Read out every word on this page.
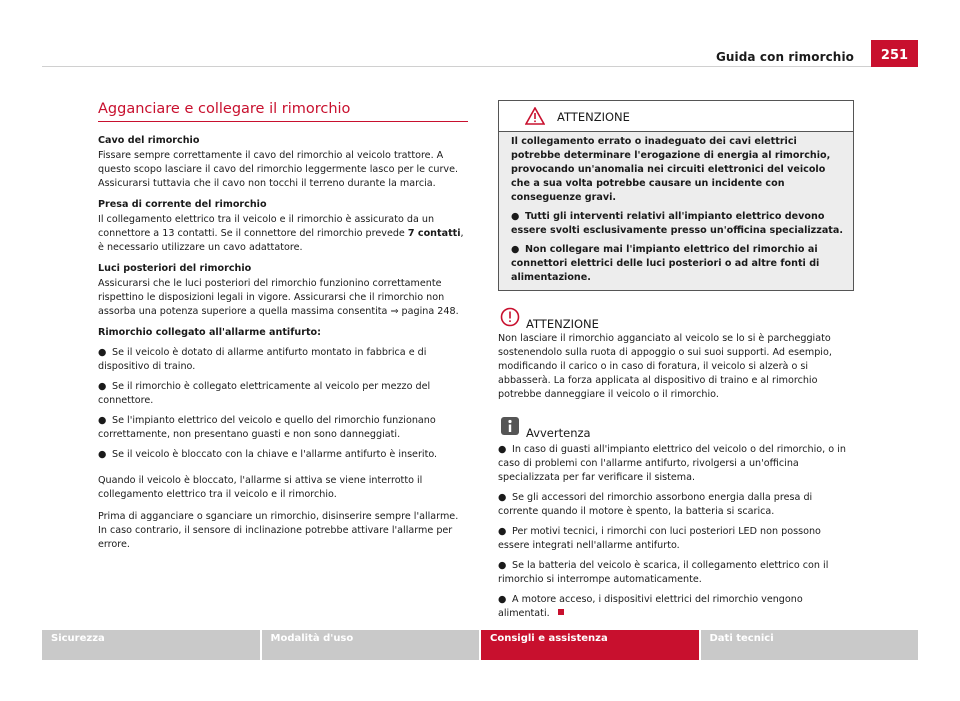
Guida con rimorchio	251
Agganciare e collegare il rimorchio
Cavo del rimorchio
Fissare sempre correttamente il cavo del rimorchio al veicolo trattore. A questo scopo lasciare il cavo del rimorchio leggermente lasco per le curve. Assicurarsi tuttavia che il cavo non tocchi il terreno durante la marcia.
Presa di corrente del rimorchio
Il collegamento elettrico tra il veicolo e il rimorchio è assicurato da un connettore a 13 contatti. Se il connettore del rimorchio prevede 7 contatti, è necessario utilizzare un cavo adattatore.
Luci posteriori del rimorchio
Assicurarsi che le luci posteriori del rimorchio funzionino correttamente rispettino le disposizioni legali in vigore. Assicurarsi che il rimorchio non assorba una potenza superiore a quella massima consentita ⇒ pagina 248.
Rimorchio collegato all'allarme antifurto:
● Se il veicolo è dotato di allarme antifurto montato in fabbrica e di dispositivo di traino.
● Se il rimorchio è collegato elettricamente al veicolo per mezzo del connettore.
● Se l'impianto elettrico del veicolo e quello del rimorchio funzionano correttamente, non presentano guasti e non sono danneggiati.
● Se il veicolo è bloccato con la chiave e l'allarme antifurto è inserito.
Quando il veicolo è bloccato, l'allarme si attiva se viene interrotto il collegamento elettrico tra il veicolo e il rimorchio.
Prima di agganciare o sganciare un rimorchio, disinserire sempre l'allarme. In caso contrario, il sensore di inclinazione potrebbe attivare l'allarme per errore.
ATTENZIONE
Il collegamento errato o inadeguato dei cavi elettrici potrebbe determinare l'erogazione di energia al rimorchio, provocando un'anomalia nei circuiti elettronici del veicolo che a sua volta potrebbe causare un incidente con conseguenze gravi.
● Tutti gli interventi relativi all'impianto elettrico devono essere svolti esclusivamente presso un'officina specializzata.
● Non collegare mai l'impianto elettrico del rimorchio ai connettori elettrici delle luci posteriori o ad altre fonti di alimentazione.
ATTENZIONE
Non lasciare il rimorchio agganciato al veicolo se lo si è parcheggiato sostenendolo sulla ruota di appoggio o sui suoi supporti. Ad esempio, modificando il carico o in caso di foratura, il veicolo si alzerà o si abbasserà. La forza applicata al dispositivo di traino e al rimorchio potrebbe danneggiare il veicolo o il rimorchio.
Avvertenza
● In caso di guasti all'impianto elettrico del veicolo o del rimorchio, o in caso di problemi con l'allarme antifurto, rivolgersi a un'officina specializzata per far verificare il sistema.
● Se gli accessori del rimorchio assorbono energia dalla presa di corrente quando il motore è spento, la batteria si scarica.
● Per motivi tecnici, i rimorchi con luci posteriori LED non possono essere integrati nell'allarme antifurto.
● Se la batteria del veicolo è scarica, il collegamento elettrico con il rimorchio si interrompe automaticamente.
● A motore acceso, i dispositivi elettrici del rimorchio vengono alimentati.
Sicurezza	Modalità d'uso	Consigli e assistenza	Dati tecnici
